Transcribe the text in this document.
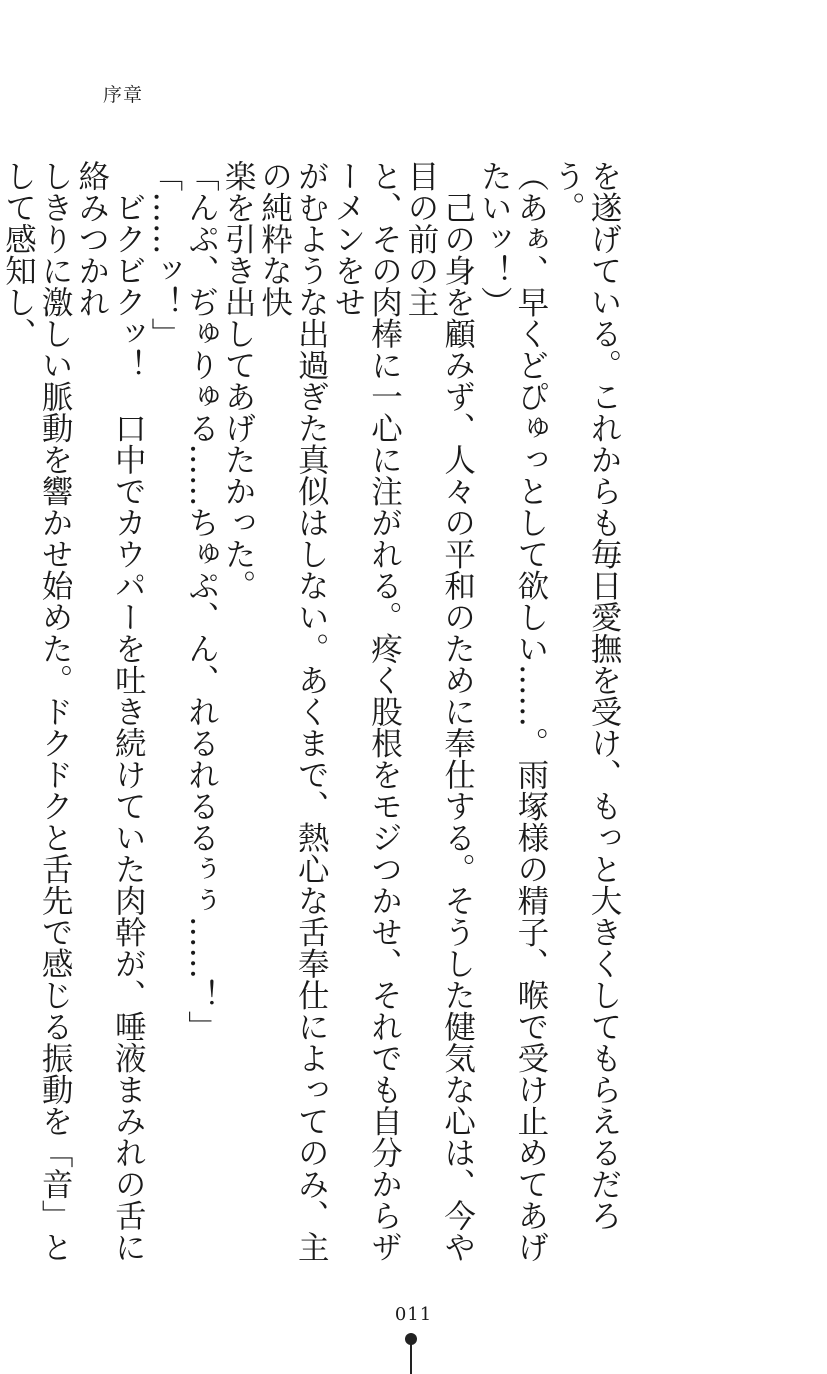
序章

を遂げている。これからも毎日愛撫を受け、もっと大きくしてもらえるだろう。

（あぁ、早くどぴゅっとして欲しい……。雨塚様の精子、喉で受け止めてあげたいッ！）

　己の身を顧みず、人々の平和のために奉仕する。そうした健気な心は、今や目の前の主

と、その肉棒に一心に注がれる。疼く股根をモジつかせ、それでも自分からザーメンをせ

がむような出過ぎた真似はしない。あくまで、熱心な舌奉仕によってのみ、主の純粋な快

楽を引き出してあげたかった。

「んぷ、ぢゅりゅる……ちゅぷ、ん、れるれるるぅぅ……！」

「……ッ！」

　ビクビクッ！　口中でカウパーを吐き続けていた肉幹が、唾液まみれの舌に絡みつかれ

しきりに激しい脈動を響かせ始めた。ドクドクと舌先で感じる振動を「音」として感知し、

011
